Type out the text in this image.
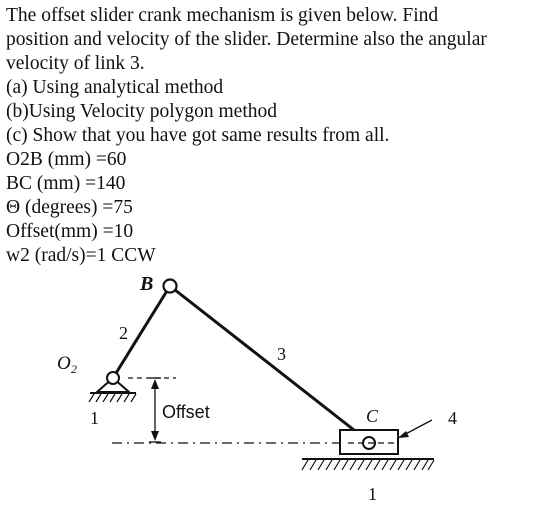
The offset slider crank mechanism is given below. Find
position and velocity of the slider. Determine also the angular
velocity of link 3.
(a) Using analytical method
(b)Using Velocity polygon method
(c) Show that you have got same results from all.
O2B (mm) =60
BC (mm) =140
Θ (degrees) =75
Offset(mm) =10
w2 (rad/s)=1 CCW
Offset
B
O 2
2
3
C	4
1
1
